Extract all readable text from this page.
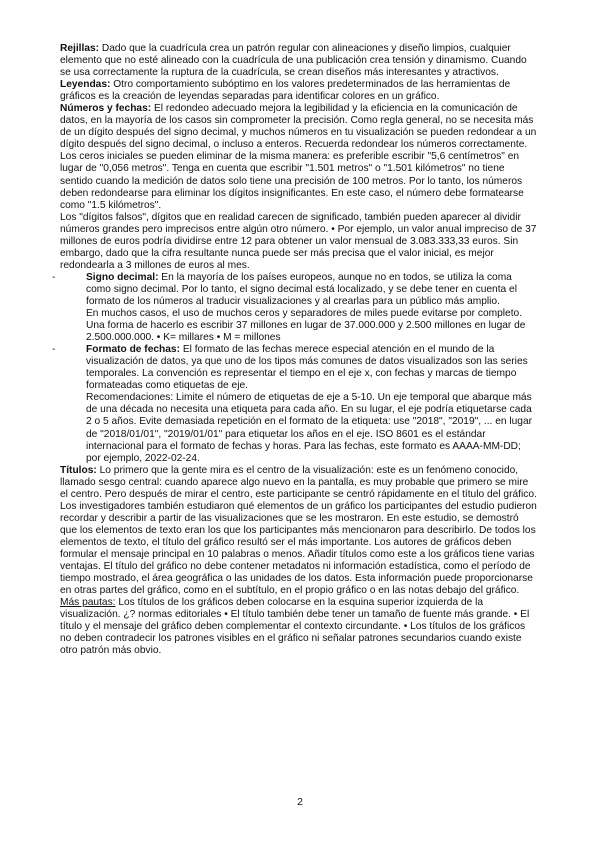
Rejillas: Dado que la cuadrícula crea un patrón regular con alineaciones y diseño limpios, cualquier elemento que no esté alineado con la cuadrícula de una publicación crea tensión y dinamismo. Cuando se usa correctamente la ruptura de la cuadrícula, se crean diseños más interesantes y atractivos.

Leyendas: Otro comportamiento subóptimo en los valores predeterminados de las herramientas de gráficos es la creación de leyendas separadas para identificar colores en un gráfico.

Números y fechas: El redondeo adecuado mejora la legibilidad y la eficiencia en la comunicación de datos, en la mayoría de los casos sin comprometer la precisión. Como regla general, no se necesita más de un dígito después del signo decimal, y muchos números en tu visualización se pueden redondear a un dígito después del signo decimal, o incluso a enteros. Recuerda redondear los números correctamente.

Los ceros iniciales se pueden eliminar de la misma manera: es preferible escribir "5,6 centímetros" en lugar de "0,056 metros". Tenga en cuenta que escribir "1.501 metros" o "1.501 kilómetros" no tiene sentido cuando la medición de datos solo tiene una precisión de 100 metros. Por lo tanto, los números deben redondearse para eliminar los dígitos insignificantes. En este caso, el número debe formatearse como "1.5 kilómetros".

Los "dígitos falsos", dígitos que en realidad carecen de significado, también pueden aparecer al dividir números grandes pero imprecisos entre algún otro número. • Por ejemplo, un valor anual impreciso de 37 millones de euros podría dividirse entre 12 para obtener un valor mensual de 3.083.333,33 euros. Sin embargo, dado que la cifra resultante nunca puede ser más precisa que el valor inicial, es mejor redondearla a 3 millones de euros al mes.

-	Signo decimal: En la mayoría de los países europeos, aunque no en todos, se utiliza la coma como signo decimal. Por lo tanto, el signo decimal está localizado, y se debe tener en cuenta el formato de los números al traducir visualizaciones y al crearlas para un público más amplio.
En muchos casos, el uso de muchos ceros y separadores de miles puede evitarse por completo. Una forma de hacerlo es escribir 37 millones en lugar de 37.000.000 y 2.500 millones en lugar de 2.500.000.000. • K= millares • M = millones
-	Formato de fechas: El formato de las fechas merece especial atención en el mundo de la visualización de datos, ya que uno de los tipos más comunes de datos visualizados son las series temporales. La convención es representar el tiempo en el eje x, con fechas y marcas de tiempo formateadas como etiquetas de eje.
Recomendaciones: Limite el número de etiquetas de eje a 5-10. Un eje temporal que abarque más de una década no necesita una etiqueta para cada año. En su lugar, el eje podría etiquetarse cada 2 o 5 años. Evite demasiada repetición en el formato de la etiqueta: use "2018", "2019", ... en lugar de "2018/01/01", "2019/01/01" para etiquetar los años en el eje. ISO 8601 es el estándar internacional para el formato de fechas y horas. Para las fechas, este formato es AAAA-MM-DD; por ejemplo, 2022-02-24.

Títulos: Lo primero que la gente mira es el centro de la visualización: este es un fenómeno conocido, llamado sesgo central: cuando aparece algo nuevo en la pantalla, es muy probable que primero se mire el centro. Pero después de mirar el centro, este participante se centró rápidamente en el título del gráfico. Los investigadores también estudiaron qué elementos de un gráfico los participantes del estudio pudieron recordar y describir a partir de las visualizaciones que se les mostraron. En este estudio, se demostró que los elementos de texto eran los que los participantes más mencionaron para describirlo. De todos los elementos de texto, el título del gráfico resultó ser el más importante. Los autores de gráficos deben formular el mensaje principal en 10 palabras o menos. Añadir títulos como este a los gráficos tiene varias ventajas. El título del gráfico no debe contener metadatos ni información estadística, como el período de tiempo mostrado, el área geográfica o las unidades de los datos. Esta información puede proporcionarse en otras partes del gráfico, como en el subtítulo, en el propio gráfico o en las notas debajo del gráfico.

Más pautas: Los títulos de los gráficos deben colocarse en la esquina superior izquierda de la visualización. ¿? normas editoriales • El título también debe tener un tamaño de fuente más grande. • El título y el mensaje del gráfico deben complementar el contexto circundante. • Los títulos de los gráficos no deben contradecir los patrones visibles en el gráfico ni señalar patrones secundarios cuando existe otro patrón más obvio.

2
